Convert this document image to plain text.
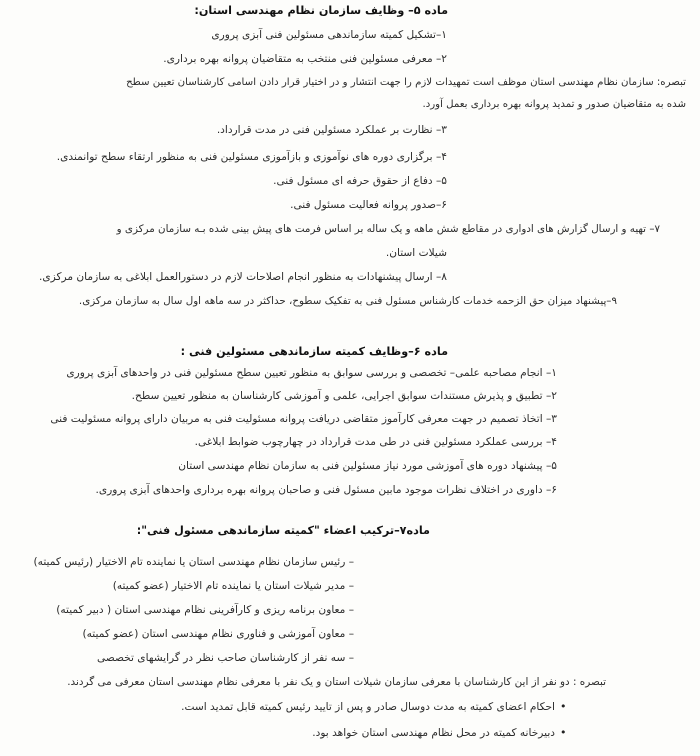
ماده ۵– وظایف سازمان نظام مهندسی استان:
۱–تشکیل کمیته سازماندهی مسئولین فنی آبزی پروری
۲– معرفی مسئولین فنی منتخب به متقاضیان پروانه بهره برداری.
تبصره: سازمان نظام مهندسی استان موظف است تمهیدات لازم را جهت انتشار و در اختیار قرار دادن اسامی کارشناسان تعیین سطح
شده به متقاضیان صدور و تمدید پروانه بهره برداری بعمل آورد.
۳– نظارت بر عملکرد مسئولین فنی در مدت قرارداد.
۴– برگزاری دوره های نوآموزی و بازآموزی مسئولین فنی به منظور ارتقاء سطح توانمندی.
۵– دفاع از حقوق حرفه ای مسئول فنی.
۶–صدور پروانه فعالیت مسئول فنی.
۷– تهیه و ارسال گزارش های ادواری در مقاطع شش ماهه و یک ساله بر اساس فرمت های پیش بینی شده بـه سازمان مرکزی و
شیلات استان.
۸– ارسال پیشنهادات به منظور انجام اصلاحات لازم در دستورالعمل ابلاغی به سازمان مرکزی.
۹–پیشنهاد میزان حق الزحمه خدمات کارشناس مسئول فنی به تفکیک سطوح، حداکثر در سه ماهه اول سال به سازمان مرکزی.
ماده ۶–وظایف کمیته سازماندهی مسئولین فنی :
۱– انجام مصاحبه علمی– تخصصی و بررسی سوابق به منظور تعیین سطح مسئولین فنی در واحدهای آبزی پروری
۲– تطبیق و پذیرش مستندات سوابق اجرایی، علمی و آموزشی کارشناسان به منظور تعیین سطح.
۳– اتخاذ تصمیم در جهت معرفی کارآموز متقاضی دریافت پروانه مسئولیت فنی به مربیان دارای پروانه مسئولیت فنی
۴– بررسی عملکرد مسئولین فنی در طی مدت قرارداد در چهارچوب ضوابط ابلاغی.
۵– پیشنهاد دوره های آموزشی مورد نیاز مسئولین فنی به سازمان نظام مهندسی استان
۶– داوری در اختلاف نظرات موجود مابین مسئول فنی و صاحبان پروانه بهره برداری واحدهای آبزی پروری.
ماده۷–ترکیب اعضاء "کمیته سازماندهی مسئول فنی":
– رئیس سازمان نظام مهندسی استان یا نماینده تام الاختیار (رئیس کمیته)
– مدیر شیلات استان یا نماینده تام الاختیار (عضو کمیته)
– معاون برنامه ریزی و کارآفرینی نظام مهندسی استان ( دبیر کمیته)
– معاون آموزشی و فناوری نظام مهندسی استان (عضو کمیته)
– سه نفر از کارشناسان صاحب نظر در گرایشهای تخصصی
تبصره : دو نفر از این کارشناسان با معرفی سازمان شیلات استان و یک نفر با معرفی نظام مهندسی استان معرفی می گردند.
احکام اعضای کمیته به مدت دوسال صادر و پس از تایید رئیس کمیته قابل تمدید است. •
دبیرخانه کمیته در محل نظام مهندسی استان خواهد بود. •
